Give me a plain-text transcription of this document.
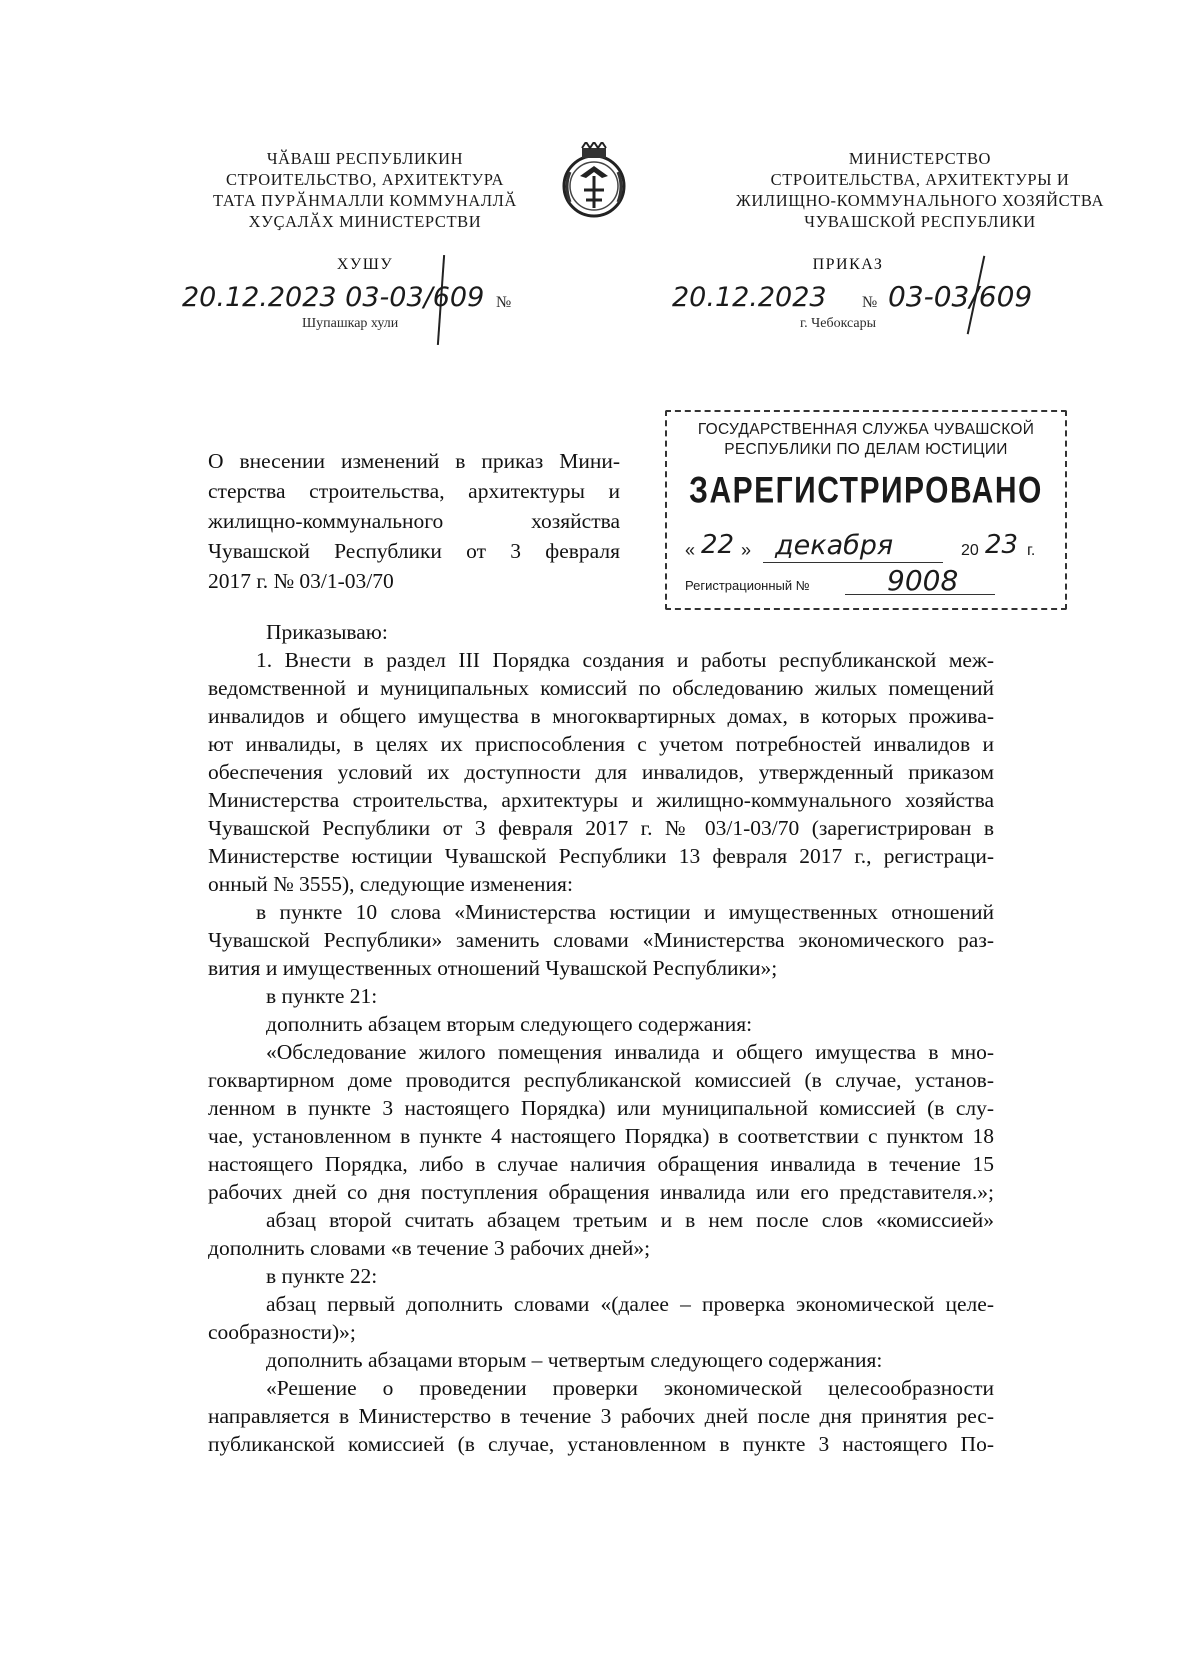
ЧӐВАШ РЕСПУБЛИКИН
СТРОИТЕЛЬСТВО, АРХИТЕКТУРА
ТАТА ПУРӐНМАЛЛИ КОММУНАЛЛӐ
ХУҪАЛӐХ МИНИСТЕРСТВИ
МИНИСТЕРСТВО
СТРОИТЕЛЬСТВА, АРХИТЕКТУРЫ И
ЖИЛИЩНО-КОММУНАЛЬНОГО ХОЗЯЙСТВА
ЧУВАШСКОЙ РЕСПУБЛИКИ
ХУШУ
20.12.2023 03-03/609 №
Шупашкар хули
ПРИКАЗ
20.12.2023 № 03-03/609
г. Чебоксары
О внесении изменений в приказ Мини-
стерства строительства, архитектуры и
жилищно-коммунального хозяйства
Чувашской Республики от 3 февраля
2017 г. № 03/1-03/70
ГОСУДАРСТВЕННАЯ СЛУЖБА ЧУВАШСКОЙ
РЕСПУБЛИКИ ПО ДЕЛАМ ЮСТИЦИИ
ЗАРЕГИСТРИРОВАНО
« 22 » декабря	20 23 г.
Регистрационный №	9008
Приказываю:
1. Внести в раздел III Порядка создания и работы республиканской меж-
ведомственной и муниципальных комиссий по обследованию жилых помещений
инвалидов и общего имущества в многоквартирных домах, в которых прожива-
ют инвалиды, в целях их приспособления с учетом потребностей инвалидов и
обеспечения условий их доступности для инвалидов, утвержденный приказом
Министерства строительства, архитектуры и жилищно-коммунального хозяйства
Чувашской Республики от 3 февраля 2017 г. № 03/1-03/70 (зарегистрирован в
Министерстве юстиции Чувашской Республики 13 февраля 2017 г., регистраци-
онный № 3555), следующие изменения:
в пункте 10 слова «Министерства юстиции и имущественных отношений
Чувашской Республики» заменить словами «Министерства экономического раз-
вития и имущественных отношений Чувашской Республики»;
в пункте 21:
дополнить абзацем вторым следующего содержания:
«Обследование жилого помещения инвалида и общего имущества в мно-
гоквартирном доме проводится республиканской комиссией (в случае, установ-
ленном в пункте 3 настоящего Порядка) или муниципальной комиссией (в слу-
чае, установленном в пункте 4 настоящего Порядка) в соответствии с пунктом 18
настоящего Порядка, либо в случае наличия обращения инвалида в течение 15
рабочих дней со дня поступления обращения инвалида или его представителя.»;
абзац второй считать абзацем третьим и в нем после слов «комиссией»
дополнить словами «в течение 3 рабочих дней»;
в пункте 22:
абзац первый дополнить словами «(далее – проверка экономической целе-
сообразности)»;
дополнить абзацами вторым – четвертым следующего содержания:
«Решение о проведении проверки экономической целесообразности
направляется в Министерство в течение 3 рабочих дней после дня принятия рес-
публиканской комиссией (в случае, установленном в пункте 3 настоящего По-
